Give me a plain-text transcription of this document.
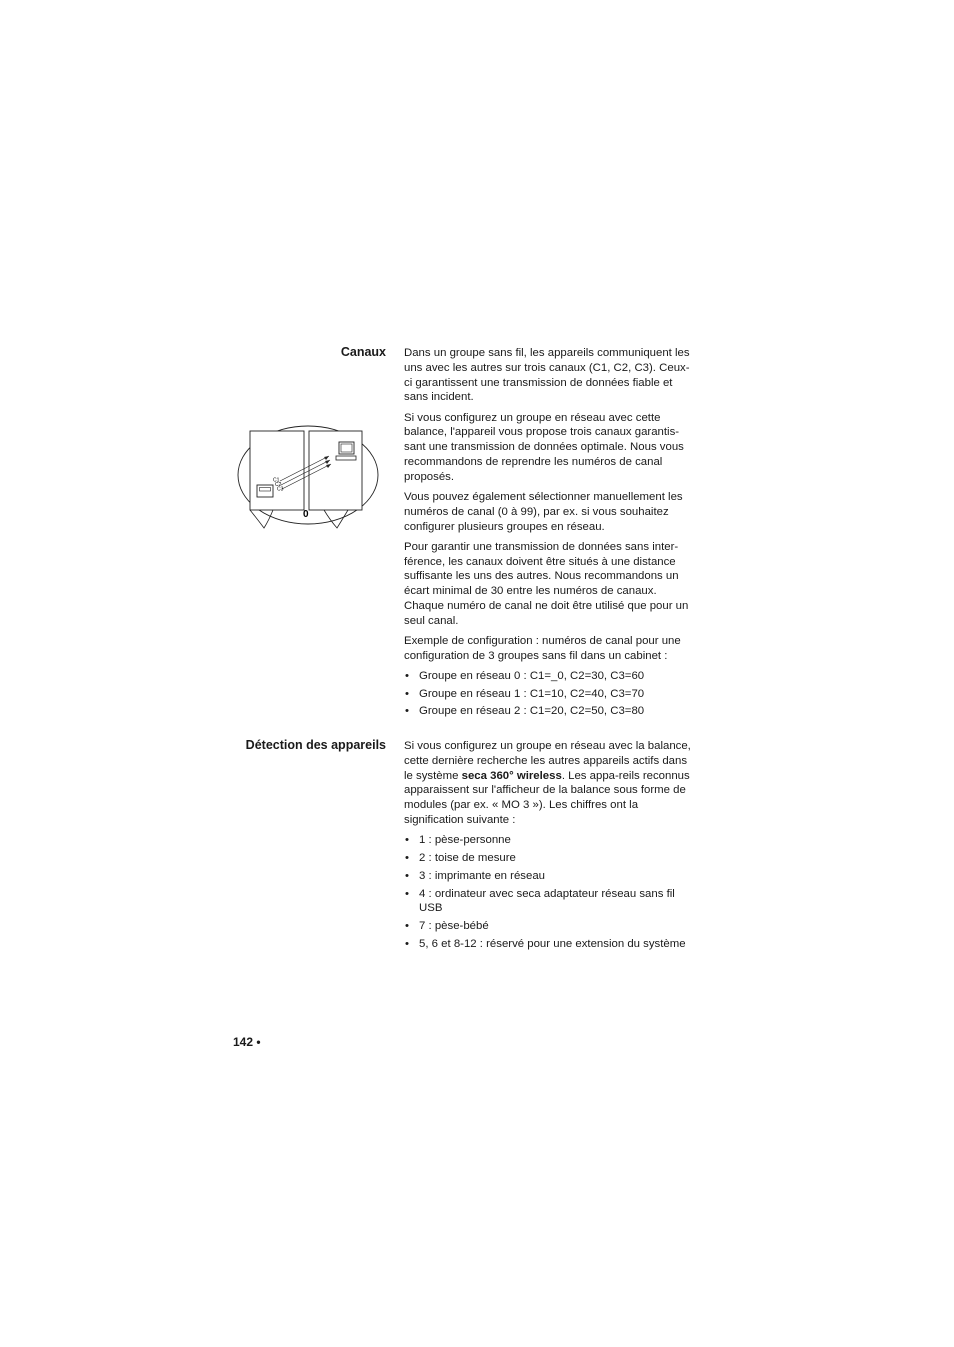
Canaux Dans un groupe sans fil, les appareils communiquent les uns avec les autres sur trois canaux (C1, C2, C3). Ceux-ci garantissent une transmission de données fiable et sans incident.

Si vous configurez un groupe en réseau avec cette balance, l'appareil vous propose trois canaux garantis-sant une transmission de données optimale. Nous vous recommandons de reprendre les numéros de canal proposés.

Vous pouvez également sélectionner manuellement les numéros de canal (0 à 99), par ex. si vous souhaitez configurer plusieurs groupes en réseau.

Pour garantir une transmission de données sans inter-férence, les canaux doivent être situés à une distance suffisante les uns des autres. Nous recommandons un écart minimal de 30 entre les numéros de canaux. Chaque numéro de canal ne doit être utilisé que pour un seul canal.

Exemple de configuration : numéros de canal pour une configuration de 3 groupes sans fil dans un cabinet :

• Groupe en réseau 0 : C1=_0, C2=30, C3=60
• Groupe en réseau 1 : C1=10, C2=40, C3=70
• Groupe en réseau 2 : C1=20, C2=50, C3=80
C1
C2
C3
0
Détection des appareils Si vous configurez un groupe en réseau avec la balance, cette dernière recherche les autres appareils actifs dans le système seca 360° wireless. Les appa-reils reconnus apparaissent sur l'afficheur de la balance sous forme de modules (par ex. « MO 3 »). Les chiffres ont la signification suivante :

• 1 : pèse-personne
• 2 : toise de mesure
• 3 : imprimante en réseau
• 4 : ordinateur avec seca adaptateur réseau sans fil USB
• 7 : pèse-bébé
• 5, 6 et 8-12 : réservé pour une extension du système

142 •
